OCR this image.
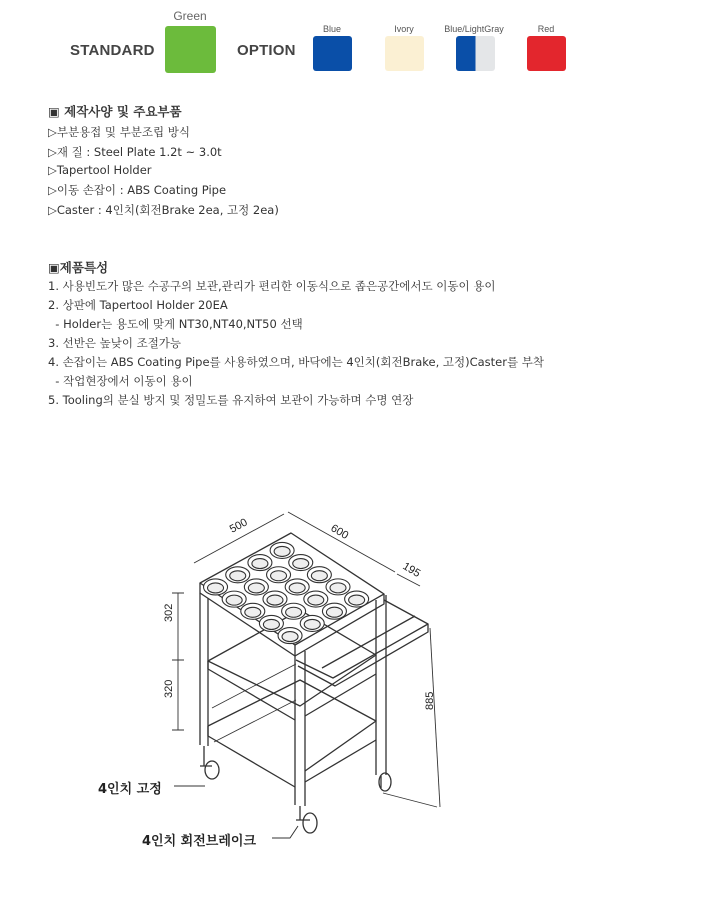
STANDARD
Green
OPTION
Blue	Ivory	Blue/LightGray	Red
▣ 제작사양 및 주요부품
▷부분용접 및 부분조립 방식
▷재 질 : Steel Plate 1.2t ~ 3.0t
▷Tapertool Holder
▷이동 손잡이 : ABS Coating Pipe
▷Caster : 4인치(회전Brake 2ea, 고정 2ea)
▣제품특성
1. 사용빈도가 많은 수공구의 보관,관리가 편리한 이동식으로 좁은공간에서도 이동이 용이
2. 상판에 Tapertool Holder 20EA
- Holder는 용도에 맞게 NT30,NT40,NT50 선택
3. 선반은 높낮이 조절가능
4. 손잡이는 ABS Coating Pipe를 사용하였으며, 바닥에는 4인치(회전Brake, 고정)Caster를 부착
- 작업현장에서 이동이 용이
5. Tooling의 분실 방지 및 정밀도를 유지하여 보관이 가능하며 수명 연장
500	600
195
302
320
885
4인치 고정
4인치 회전브레이크
